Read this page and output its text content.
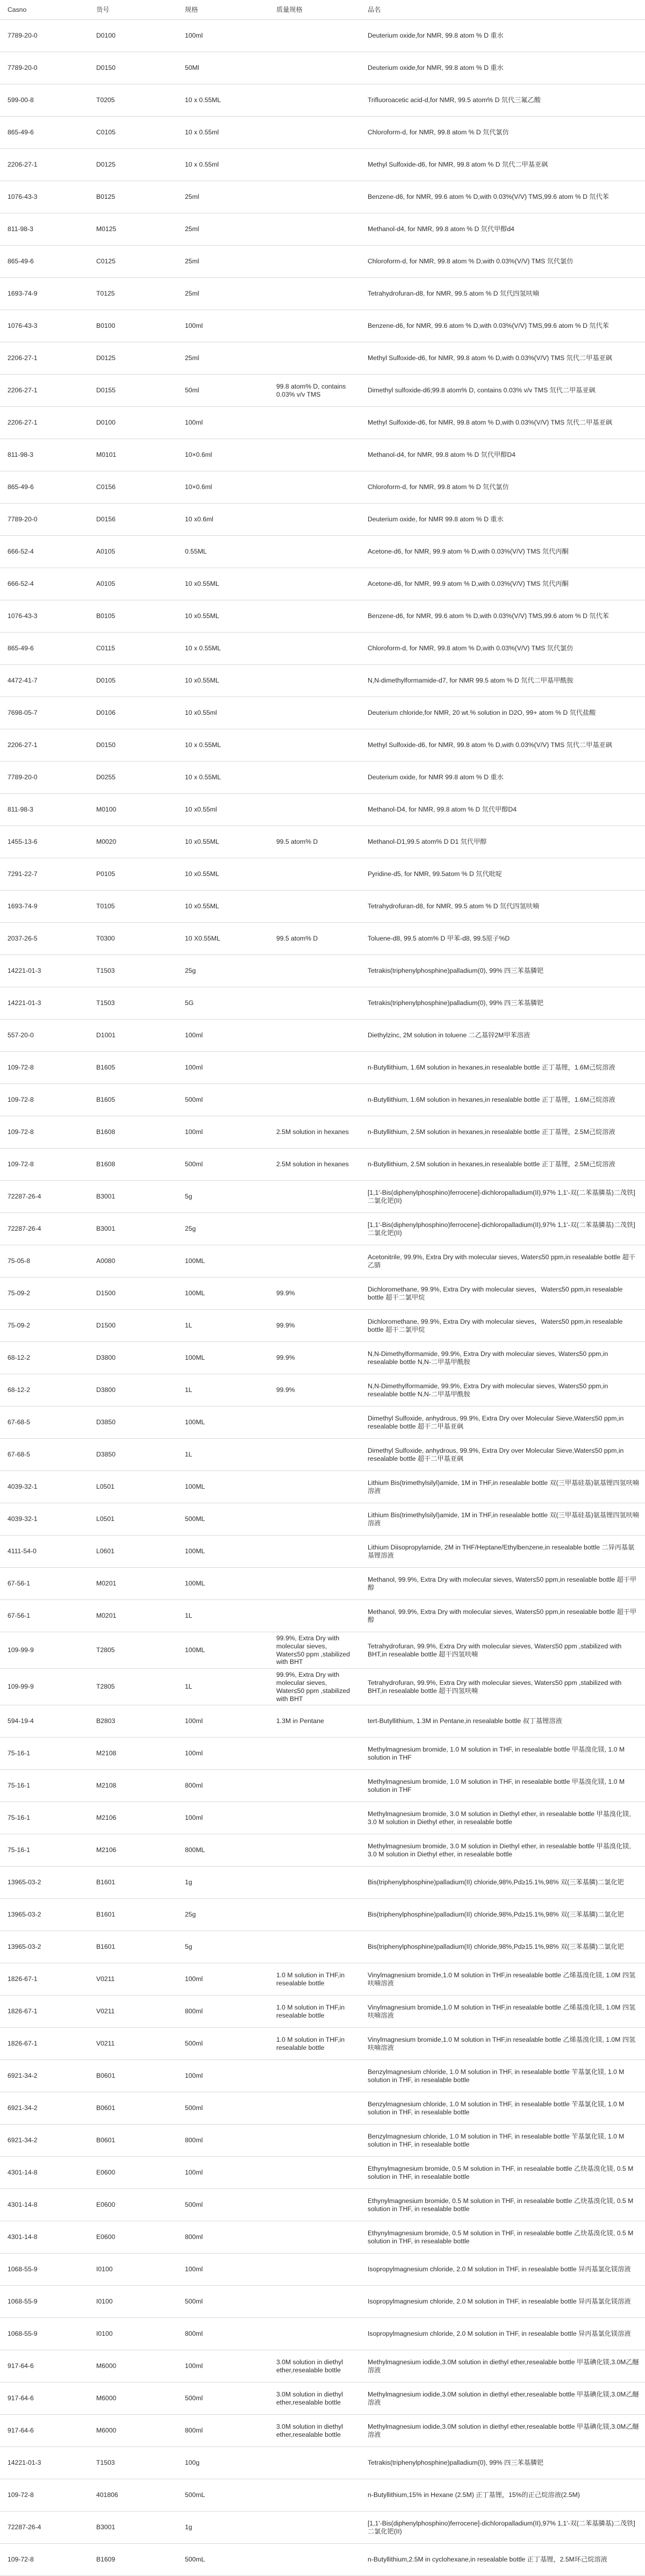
Casno	货号	规格	质量规格	品名
7789-20-0	D0100	100ml		Deuterium oxide,for NMR, 99.8 atom % D 重水
7789-20-0	D0150	50Ml		Deuterium oxide,for NMR, 99.8 atom % D 重水
599-00-8	T0205	10 x 0.55ML		Trifluoroacetic acid-d,for NMR, 99.5 atom% D 氘代三氟乙酸
865-49-6	C0105	10 x 0.55ml		Chloroform-d, for NMR, 99.8 atom % D 氘代氯仿
2206-27-1	D0125	10 x 0.55ml		Methyl Sulfoxide-d6, for NMR, 99.8 atom % D 氘代二甲基亚砜
1076-43-3	B0125	25ml		Benzene-d6, for NMR, 99.6 atom % D,with 0.03%(V/V) TMS,99.6 atom % D 氘代苯
811-98-3	M0125	25ml		Methanol-d4, for NMR, 99.8 atom % D 氘代甲醇d4
865-49-6	C0125	25ml		Chloroform-d, for NMR, 99.8 atom % D,with 0.03%(V/V) TMS 氘代氯仿
1693-74-9	T0125	25ml		Tetrahydrofuran-d8, for NMR, 99.5 atom % D 氘代四氢呋喃
1076-43-3	B0100	100ml		Benzene-d6, for NMR, 99.6 atom % D,with 0.03%(V/V) TMS,99.6 atom % D 氘代苯
2206-27-1	D0125	25ml		Methyl Sulfoxide-d6, for NMR, 99.8 atom % D,with 0.03%(V/V) TMS 氘代二甲基亚砜
2206-27-1	D0155	50ml	99.8 atom% D, contains 0.03% v/v TMS	Dimethyl sulfoxide-d6;99.8 atom% D, contains 0.03% v/v TMS 氘代二甲基亚砜
2206-27-1	D0100	100ml		Methyl Sulfoxide-d6, for NMR, 99.8 atom % D,with 0.03%(V/V) TMS 氘代二甲基亚砜
811-98-3	M0101	10×0.6ml		Methanol-d4, for NMR, 99.8 atom % D 氘代甲醇D4
865-49-6	C0156	10×0.6ml		Chloroform-d, for NMR, 99.8 atom % D 氘代氯仿
7789-20-0	D0156	10 x0.6ml		Deuterium oxide, for NMR 99.8 atom % D 重水
666-52-4	A0105	0.55ML		Acetone-d6, for NMR, 99.9 atom % D,with 0.03%(V/V) TMS 氘代丙酮
666-52-4	A0105	10 x0.55ML		Acetone-d6, for NMR, 99.9 atom % D,with 0.03%(V/V) TMS 氘代丙酮
1076-43-3	B0105	10 x0.55ML		Benzene-d6, for NMR, 99.6 atom % D,with 0.03%(V/V) TMS,99.6 atom % D 氘代苯
865-49-6	C0115	10 x 0.55ML		Chloroform-d, for NMR, 99.8 atom % D,with 0.03%(V/V) TMS 氘代氯仿
4472-41-7	D0105	10 x0.55ML		N,N-dimethylformamide-d7, for NMR 99.5 atom % D 氘代二甲基甲酰胺
7698-05-7	D0106	10 x0.55ml		Deuterium chloride,for NMR, 20 wt.% solution in D2O, 99+ atom % D 氘代盐酸
2206-27-1	D0150	10 x 0.55ML		Methyl Sulfoxide-d6, for NMR, 99.8 atom % D,with 0.03%(V/V) TMS 氘代二甲基亚砜
7789-20-0	D0255	10 x 0.55ML		Deuterium oxide, for NMR 99.8 atom % D 重水
811-98-3	M0100	10 x0.55ml		Methanol-D4, for NMR, 99.8 atom % D 氘代甲醇D4
1455-13-6	M0020	10 x0.55ML	99.5 atom% D	Methanol-D1,99.5 atom% D D1 氘代甲醇
7291-22-7	P0105	10 x0.55ML		Pyridine-d5, for NMR, 99.5atom % D 氘代吡啶
1693-74-9	T0105	10 x0.55ML		Tetrahydrofuran-d8, for NMR, 99.5 atom % D 氘代四氢呋喃
2037-26-5	T0300	10 X0.55ML	99.5 atom% D	Toluene-d8, 99.5 atom% D 甲苯-d8, 99.5原子%D
14221-01-3	T1503	25g		Tetrakis(triphenylphosphine)palladium(0), 99% 四三苯基膦钯
14221-01-3	T1503	5G		Tetrakis(triphenylphosphine)palladium(0), 99% 四三苯基膦钯
557-20-0	D1001	100ml		Diethylzinc, 2M solution in toluene 二乙基锌2M甲苯溶液
109-72-8	B1605	100ml		n-Butyllithium, 1.6M solution in hexanes,in resealable bottle 正丁基锂，1.6M己烷溶液
109-72-8	B1605	500ml		n-Butyllithium, 1.6M solution in hexanes,in resealable bottle 正丁基锂，1.6M己烷溶液
109-72-8	B1608	100ml	2.5M solution in hexanes	n-Butyllithium, 2.5M solution in hexanes,in resealable bottle 正丁基锂，2.5M己烷溶液
109-72-8	B1608	500ml	2.5M solution in hexanes	n-Butyllithium, 2.5M solution in hexanes,in resealable bottle 正丁基锂，2.5M己烷溶液
72287-26-4	B3001	5g		[1,1'-Bis(diphenylphosphino)ferrocene]-dichloropalladium(II),97% 1,1'-双(二苯基膦基)二茂铁]二氯化钯(II)
72287-26-4	B3001	25g		[1,1'-Bis(diphenylphosphino)ferrocene]-dichloropalladium(II),97% 1,1'-双(二苯基膦基)二茂铁]二氯化钯(II)
75-05-8	A0080	100ML		Acetonitrile, 99.9%, Extra Dry with molecular sieves, Water≤50 ppm,in resealable bottle 超干乙腈
75-09-2	D1500	100ML	99.9%	Dichloromethane, 99.9%, Extra Dry with molecular sieves，Water≤50 ppm,in resealable bottle 超干二氯甲烷
75-09-2	D1500	1L	99.9%	Dichloromethane, 99.9%, Extra Dry with molecular sieves，Water≤50 ppm,in resealable bottle 超干二氯甲烷
68-12-2	D3800	100ML	99.9%	N,N-Dimethylformamide, 99.9%, Extra Dry with molecular sieves, Water≤50 ppm,in resealable bottle N,N-二甲基甲酰胺
68-12-2	D3800	1L	99.9%	N,N-Dimethylformamide, 99.9%, Extra Dry with molecular sieves, Water≤50 ppm,in resealable bottle N,N-二甲基甲酰胺
67-68-5	D3850	100ML		Dimethyl Sulfoxide, anhydrous, 99.9%, Extra Dry over Molecular Sieve,Water≤50 ppm,in resealable bottle 超干二甲基亚砜
67-68-5	D3850	1L		Dimethyl Sulfoxide, anhydrous, 99.9%, Extra Dry over Molecular Sieve,Water≤50 ppm,in resealable bottle 超干二甲基亚砜
4039-32-1	L0501	100ML		Lithium Bis(trimethylsilyl)amide, 1M in THF,in resealable bottle 双(三甲基硅基)氨基锂四氢呋喃溶液
4039-32-1	L0501	500ML		Lithium Bis(trimethylsilyl)amide, 1M in THF,in resealable bottle 双(三甲基硅基)氨基锂四氢呋喃溶液
4111-54-0	L0601	100ML		Lithium Diisopropylamide, 2M in THF/Heptane/Ethylbenzene,in resealable bottle 二异丙基氨基锂溶液
67-56-1	M0201	100ML		Methanol, 99.9%, Extra Dry with molecular sieves, Water≤50 ppm,in resealable bottle 超干甲醇
67-56-1	M0201	1L		Methanol, 99.9%, Extra Dry with molecular sieves, Water≤50 ppm,in resealable bottle 超干甲醇
109-99-9	T2805	100ML	99.9%, Extra Dry with molecular sieves, Water≤50 ppm ,stabilized with BHT	Tetrahydrofuran, 99.9%, Extra Dry with molecular sieves, Water≤50 ppm ,stabilized with BHT,in resealable bottle 超干四氢呋喃
109-99-9	T2805	1L	99.9%, Extra Dry with molecular sieves, Water≤50 ppm ,stabilized with BHT	Tetrahydrofuran, 99.9%, Extra Dry with molecular sieves, Water≤50 ppm ,stabilized with BHT,in resealable bottle 超干四氢呋喃
594-19-4	B2803	100ml	1.3M in Pentane	tert-Butyllithium, 1.3M in Pentane,in resealable bottle 叔丁基锂溶液
75-16-1	M2108	100ml		Methylmagnesium bromide, 1.0 M solution in THF, in resealable bottle 甲基溴化镁, 1.0 M solution in THF
75-16-1	M2108	800ml		Methylmagnesium bromide, 1.0 M solution in THF, in resealable bottle 甲基溴化镁, 1.0 M solution in THF
75-16-1	M2106	100ml		Methylmagnesium bromide, 3.0 M solution in Diethyl ether, in resealable bottle 甲基溴化镁, 3.0 M solution in Diethyl ether, in resealable bottle
75-16-1	M2106	800ML		Methylmagnesium bromide, 3.0 M solution in Diethyl ether, in resealable bottle 甲基溴化镁, 3.0 M solution in Diethyl ether, in resealable bottle
13965-03-2	B1601	1g		Bis(triphenylphosphine)palladium(II) chloride,98%,Pd≥15.1%,98% 双(三苯基膦)二氯化钯
13965-03-2	B1601	25g		Bis(triphenylphosphine)palladium(II) chloride,98%,Pd≥15.1%,98% 双(三苯基膦)二氯化钯
13965-03-2	B1601	5g		Bis(triphenylphosphine)palladium(II) chloride,98%,Pd≥15.1%,98% 双(三苯基膦)二氯化钯
1826-67-1	V0211	100ml	1.0 M solution in THF,in resealable bottle	Vinylmagnesium bromide,1.0 M solution in THF,in resealable bottle 乙烯基溴化镁, 1.0M 四氢呋喃溶液
1826-67-1	V0211	800ml	1.0 M solution in THF,in resealable bottle	Vinylmagnesium bromide,1.0 M solution in THF,in resealable bottle 乙烯基溴化镁, 1.0M 四氢呋喃溶液
1826-67-1	V0211	500ml	1.0 M solution in THF,in resealable bottle	Vinylmagnesium bromide,1.0 M solution in THF,in resealable bottle 乙烯基溴化镁, 1.0M 四氢呋喃溶液
6921-34-2	B0601	100ml		Benzylmagnesium chloride, 1.0 M solution in THF, in resealable bottle 苄基氯化镁, 1.0 M solution in THF, in resealable bottle
6921-34-2	B0601	500ml		Benzylmagnesium chloride, 1.0 M solution in THF, in resealable bottle 苄基氯化镁, 1.0 M solution in THF, in resealable bottle
6921-34-2	B0601	800ml		Benzylmagnesium chloride, 1.0 M solution in THF, in resealable bottle 苄基氯化镁, 1.0 M solution in THF, in resealable bottle
4301-14-8	E0600	100ml		Ethynylmagnesium bromide, 0.5 M solution in THF, in resealable bottle 乙炔基溴化镁, 0.5 M solution in THF, in resealable bottle
4301-14-8	E0600	500ml		Ethynylmagnesium bromide, 0.5 M solution in THF, in resealable bottle 乙炔基溴化镁, 0.5 M solution in THF, in resealable bottle
4301-14-8	E0600	800ml		Ethynylmagnesium bromide, 0.5 M solution in THF, in resealable bottle 乙炔基溴化镁, 0.5 M solution in THF, in resealable bottle
1068-55-9	I0100	100ml		Isopropylmagnesium chloride, 2.0 M solution in THF, in resealable bottle 异丙基氯化镁溶液
1068-55-9	I0100	500ml		Isopropylmagnesium chloride, 2.0 M solution in THF, in resealable bottle 异丙基氯化镁溶液
1068-55-9	I0100	800ml		Isopropylmagnesium chloride, 2.0 M solution in THF, in resealable bottle 异丙基氯化镁溶液
917-64-6	M6000	100ml	3.0M solution in diethyl ether,resealable bottle	Methylmagnesium iodide,3.0M solution in diethyl ether,resealable bottle 甲基碘化镁,3.0M乙醚溶液
917-64-6	M6000	500ml	3.0M solution in diethyl ether,resealable bottle	Methylmagnesium iodide,3.0M solution in diethyl ether,resealable bottle 甲基碘化镁,3.0M乙醚溶液
917-64-6	M6000	800ml	3.0M solution in diethyl ether,resealable bottle	Methylmagnesium iodide,3.0M solution in diethyl ether,resealable bottle 甲基碘化镁,3.0M乙醚溶液
14221-01-3	T1503	100g		Tetrakis(triphenylphosphine)palladium(0), 99% 四三苯基膦钯
109-72-8	401806	500mL		n-Butyllithium,15% in Hexane (2.5M) 正丁基锂，15%的正己烷溶液(2.5M)
72287-26-4	B3001	1g		[1,1'-Bis(diphenylphosphino)ferrocene]-dichloropalladium(II),97% 1,1'-双(二苯基膦基)二茂铁]二氯化钯(II)
109-72-8	B1609	500mL		n-Butyllithium,2.5M in cyclohexane,in resealable bottle 正丁基锂，2.5M环己烷溶液
